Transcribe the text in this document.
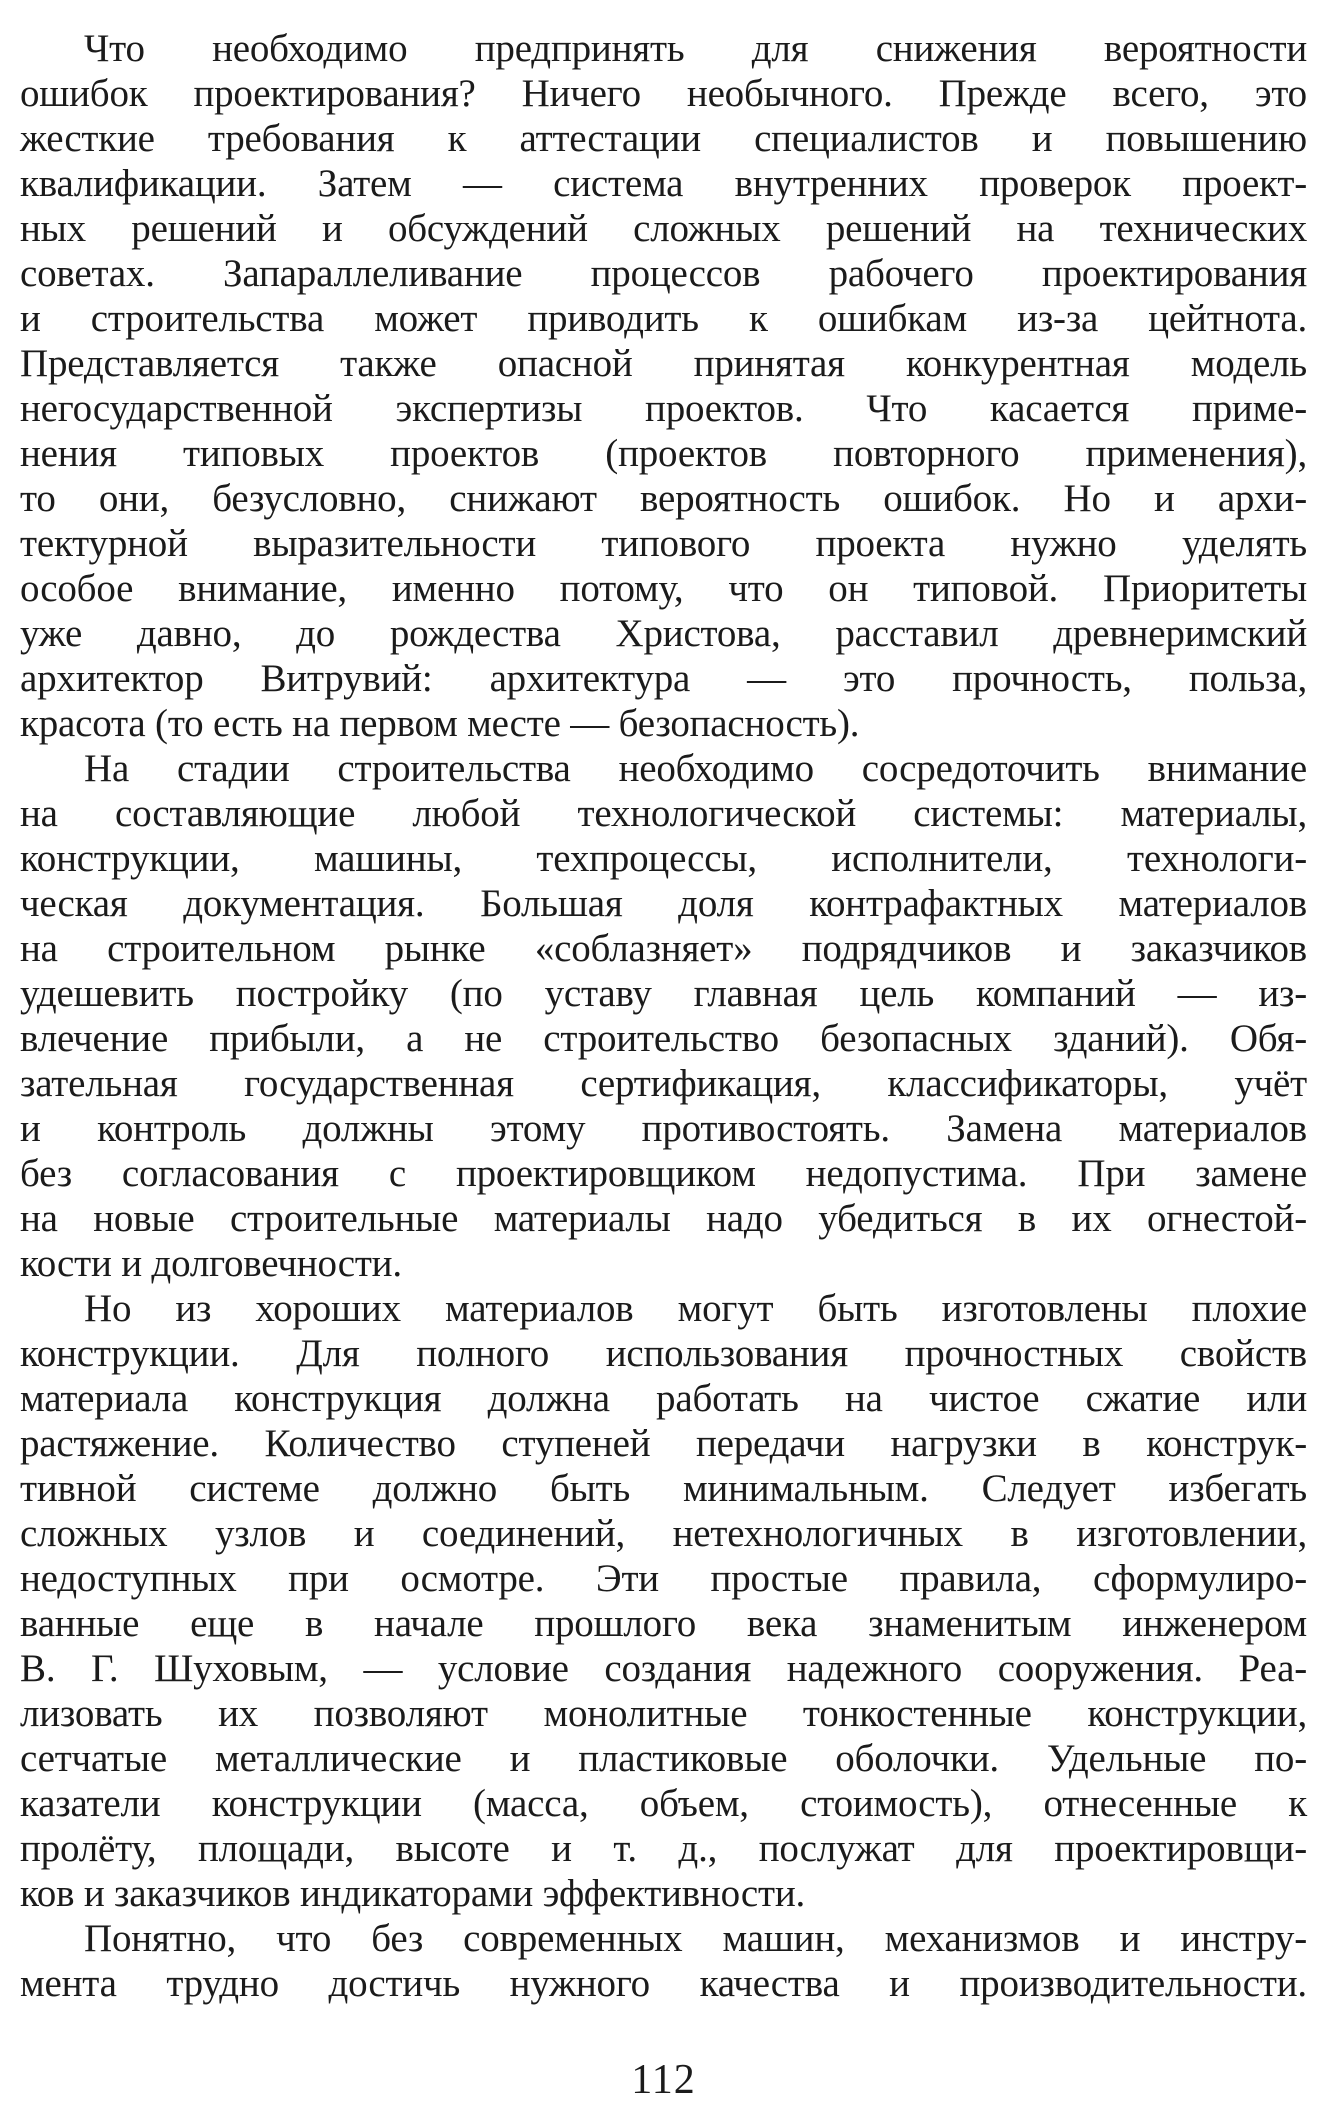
Что необходимо предпринять для снижения вероятности
ошибок проектирования? Ничего необычного. Прежде всего, это
жесткие требования к аттестации специалистов и повышению
квалификации. Затем — система внутренних проверок проект-
ных решений и обсуждений сложных решений на технических
советах. Запараллеливание процессов рабочего проектирования
и строительства может приводить к ошибкам из-за цейтнота.
Представляется также опасной принятая конкурентная модель
негосударственной экспертизы проектов. Что касается приме-
нения типовых проектов (проектов повторного применения),
то они, безусловно, снижают вероятность ошибок. Но и архи-
тектурной выразительности типового проекта нужно уделять
особое внимание, именно потому, что он типовой. Приоритеты
уже давно, до рождества Христова, расставил древнеримский
архитектор Витрувий: архитектура — это прочность, польза,
красота (то есть на первом месте — безопасность).
На стадии строительства необходимо сосредоточить внимание
на составляющие любой технологической системы: материалы,
конструкции, машины, техпроцессы, исполнители, технологи-
ческая документация. Большая доля контрафактных материалов
на строительном рынке «соблазняет» подрядчиков и заказчиков
удешевить постройку (по уставу главная цель компаний — из-
влечение прибыли, а не строительство безопасных зданий). Обя-
зательная государственная сертификация, классификаторы, учёт
и контроль должны этому противостоять. Замена материалов
без согласования с проектировщиком недопустима. При замене
на новые строительные материалы надо убедиться в их огнестой-
кости и долговечности.
Но из хороших материалов могут быть изготовлены плохие
конструкции. Для полного использования прочностных свойств
материала конструкция должна работать на чистое сжатие или
растяжение. Количество ступеней передачи нагрузки в конструк-
тивной системе должно быть минимальным. Следует избегать
сложных узлов и соединений, нетехнологичных в изготовлении,
недоступных при осмотре. Эти простые правила, сформулиро-
ванные еще в начале прошлого века знаменитым инженером
В. Г. Шуховым, — условие создания надежного сооружения. Реа-
лизовать их позволяют монолитные тонкостенные конструкции,
сетчатые металлические и пластиковые оболочки. Удельные по-
казатели конструкции (масса, объем, стоимость), отнесенные к
пролёту, площади, высоте и т. д., послужат для проектировщи-
ков и заказчиков индикаторами эффективности.
Понятно, что без современных машин, механизмов и инстру-
мента трудно достичь нужного качества и производительности.
112
